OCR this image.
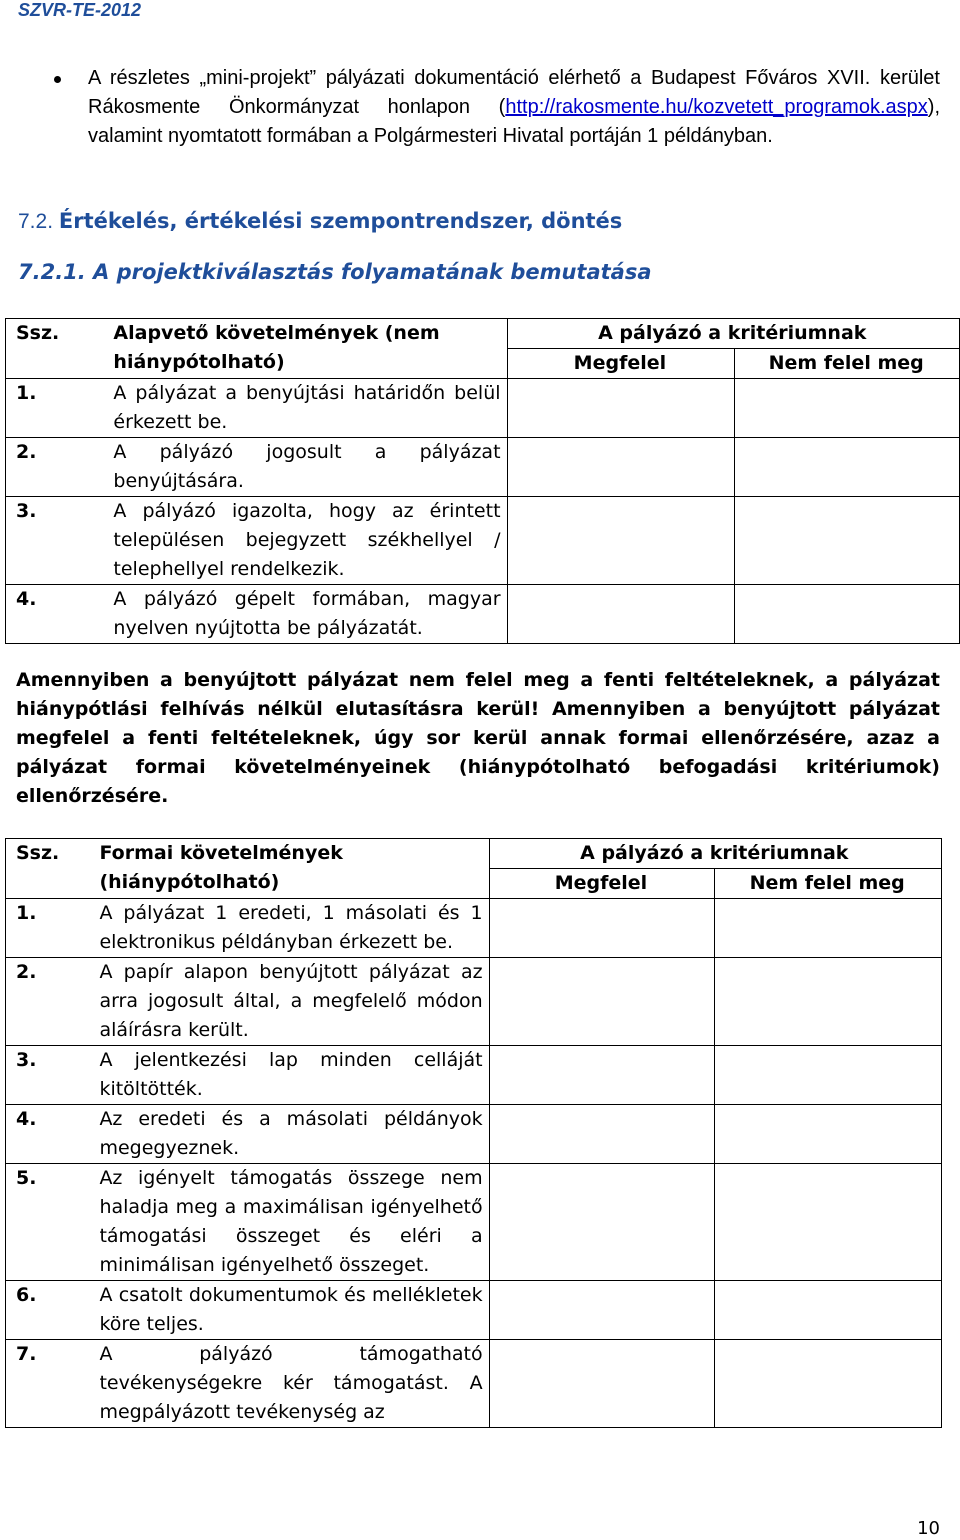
SZVR-TE-2012
A részletes „mini-projekt” pályázati dokumentáció elérhető a Budapest Főváros XVII. kerület Rákosmente Önkormányzat honlapon (http://rakosmente.hu/kozvetett_programok.aspx), valamint nyomtatott formában a Polgármesteri Hivatal portáján 1 példányban.
7.2. Értékelés, értékelési szempontrendszer, döntés
7.2.1. A projektkiválasztás folyamatának bemutatása
Ssz.	Alapvető követelmények (nem hiánypótolható)	A pályázó a kritériumnak	
		Megfelel	Nem felel meg
1.	A pályázat a benyújtási határidőn belül érkezett be.		
2.	A pályázó jogosult a pályázat benyújtására.		
3.	A pályázó igazolta, hogy az érintett településen bejegyzett székhellyel / telephellyel rendelkezik.		
4.	A pályázó gépelt formában, magyar nyelven nyújtotta be pályázatát.		
Amennyiben a benyújtott pályázat nem felel meg a fenti feltételeknek, a pályázat hiánypótlási felhívás nélkül elutasításra kerül! Amennyiben a benyújtott pályázat megfelel a fenti feltételeknek, úgy sor kerül annak formai ellenőrzésére, azaz a pályázat formai követelményeinek (hiánypótolható befogadási kritériumok) ellenőrzésére.
Ssz.	Formai követelmények (hiánypótolható)	A pályázó a kritériumnak	
		Megfelel	Nem felel meg
1.	A pályázat 1 eredeti, 1 másolati és 1 elektronikus példányban érkezett be.		
2.	A papír alapon benyújtott pályázat az arra jogosult által, a megfelelő módon aláírásra került.		
3.	A jelentkezési lap minden celláját kitöltötték.		
4.	Az eredeti és a másolati példányok megegyeznek.		
5.	Az igényelt támogatás összege nem haladja meg a maximálisan igényelhető támogatási összeget és eléri a minimálisan igényelhető összeget.		
6.	A csatolt dokumentumok és mellékletek köre teljes.		
7.	A pályázó támogatható tevékenységekre kér támogatást. A megpályázott tevékenység az		
10
